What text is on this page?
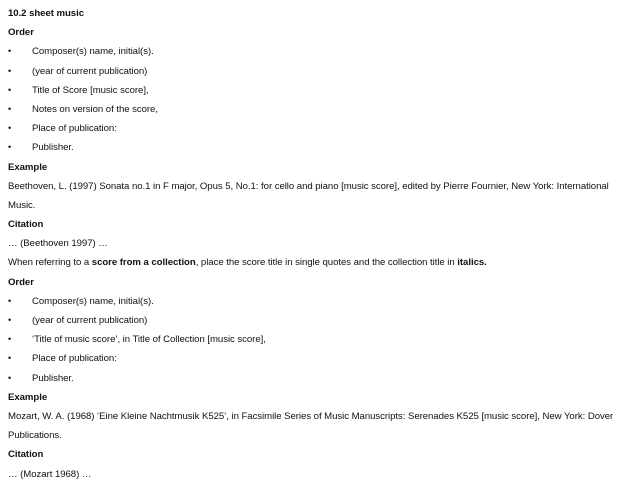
10.2 sheet music
Order
•	Composer(s) name, initial(s).
•	(year of current publication)
•	Title of Score [music score],
•	Notes on version of the score,
•	Place of publication:
•	Publisher.
Example
Beethoven, L. (1997) Sonata no.1 in F major, Opus 5, No.1: for cello and piano [music score], edited by Pierre Fournier, New York: International
Music.
Citation
… (Beethoven 1997) …
When referring to a score from a collection, place the score title in single quotes and the collection title in italics.
Order
•	Composer(s) name, initial(s).
•	(year of current publication)
•	‘Title of music score’, in Title of Collection [music score],
•	Place of publication:
•	Publisher.
Example
Mozart, W. A. (1968) ‘Eine Kleine Nachtmusik K525’, in Facsimile Series of Music Manuscripts: Serenades K525 [music score], New York: Dover
Publications.
Citation
… (Mozart 1968) …
